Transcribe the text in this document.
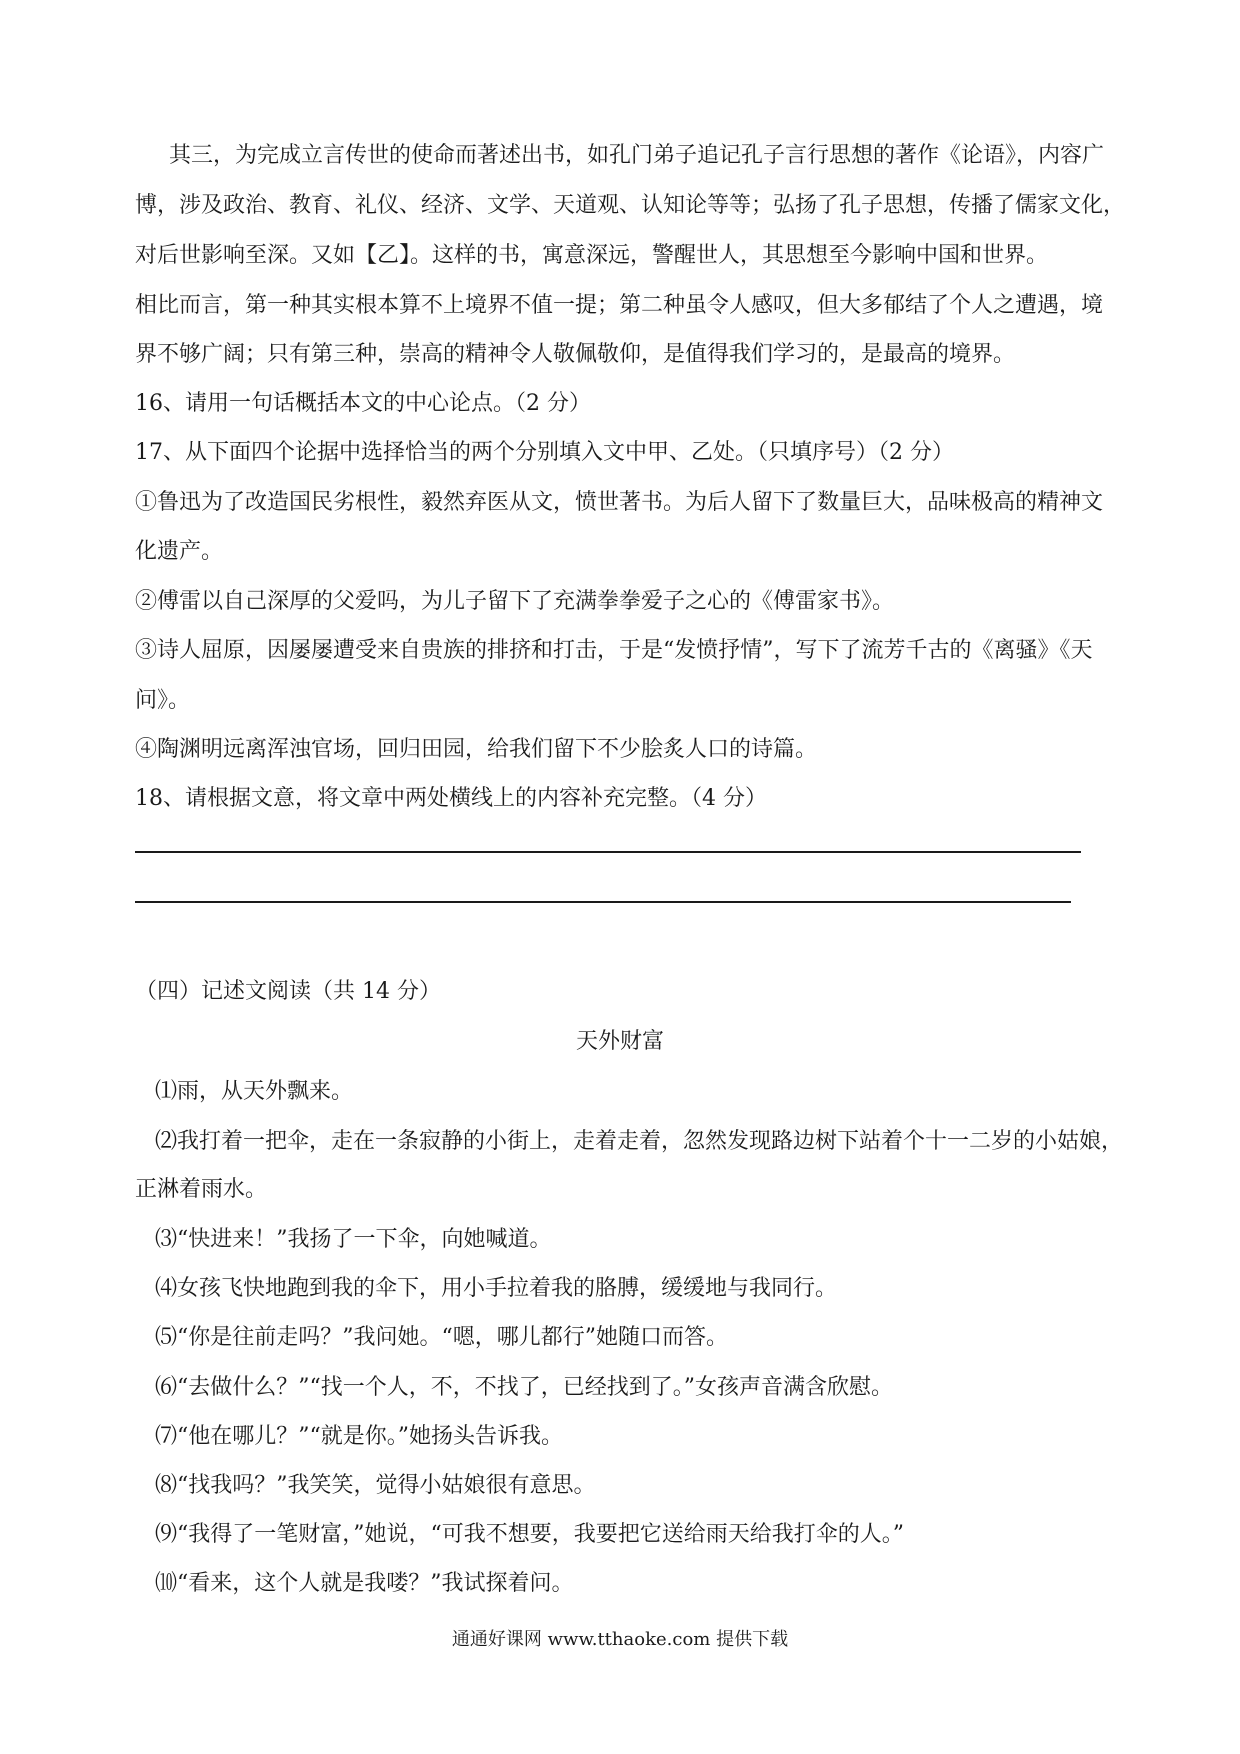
其三，为完成立言传世的使命而著述出书，如孔门弟子追记孔子言行思想的著作《论语》，内容广
博，涉及政治、教育、礼仪、经济、文学、天道观、认知论等等；弘扬了孔子思想，传播了儒家文化，
对后世影响至深。又如【乙】。这样的书，寓意深远，警醒世人，其思想至今影响中国和世界。
相比而言，第一种其实根本算不上境界不值一提；第二种虽令人感叹，但大多郁结了个人之遭遇，境
界不够广阔；只有第三种，崇高的精神令人敬佩敬仰，是值得我们学习的，是最高的境界。
16、请用一句话概括本文的中心论点。（2 分）
17、从下面四个论据中选择恰当的两个分别填入文中甲、乙处。（只填序号）（2 分）
①鲁迅为了改造国民劣根性，毅然弃医从文，愤世著书。为后人留下了数量巨大，品味极高的精神文
化遗产。
②傅雷以自己深厚的父爱吗，为儿子留下了充满拳拳爱子之心的《傅雷家书》。
③诗人屈原，因屡屡遭受来自贵族的排挤和打击，于是“发愤抒情”，写下了流芳千古的《离骚》《天
问》。
④陶渊明远离浑浊官场，回归田园，给我们留下不少脍炙人口的诗篇。
18、请根据文意，将文章中两处横线上的内容补充完整。（4 分）
（四）记述文阅读（共 14 分）
天外财富
⑴雨，从天外飘来。
⑵我打着一把伞，走在一条寂静的小街上，走着走着，忽然发现路边树下站着个十一二岁的小姑娘，
正淋着雨水。
⑶“快进来！”我扬了一下伞，向她喊道。
⑷女孩飞快地跑到我的伞下，用小手拉着我的胳膊，缓缓地与我同行。
⑸“你是往前走吗？”我问她。“嗯，哪儿都行”她随口而答。
⑹“去做什么？”“找一个人，不，不找了，已经找到了。”女孩声音满含欣慰。
⑺“他在哪儿？”“就是你。”她扬头告诉我。
⑻“找我吗？”我笑笑，觉得小姑娘很有意思。
⑼“我得了一笔财富，”她说，“可我不想要，我要把它送给雨天给我打伞的人。”
⑽“看来，这个人就是我喽？”我试探着问。
通通好课网 www.tthaoke.com 提供下载
